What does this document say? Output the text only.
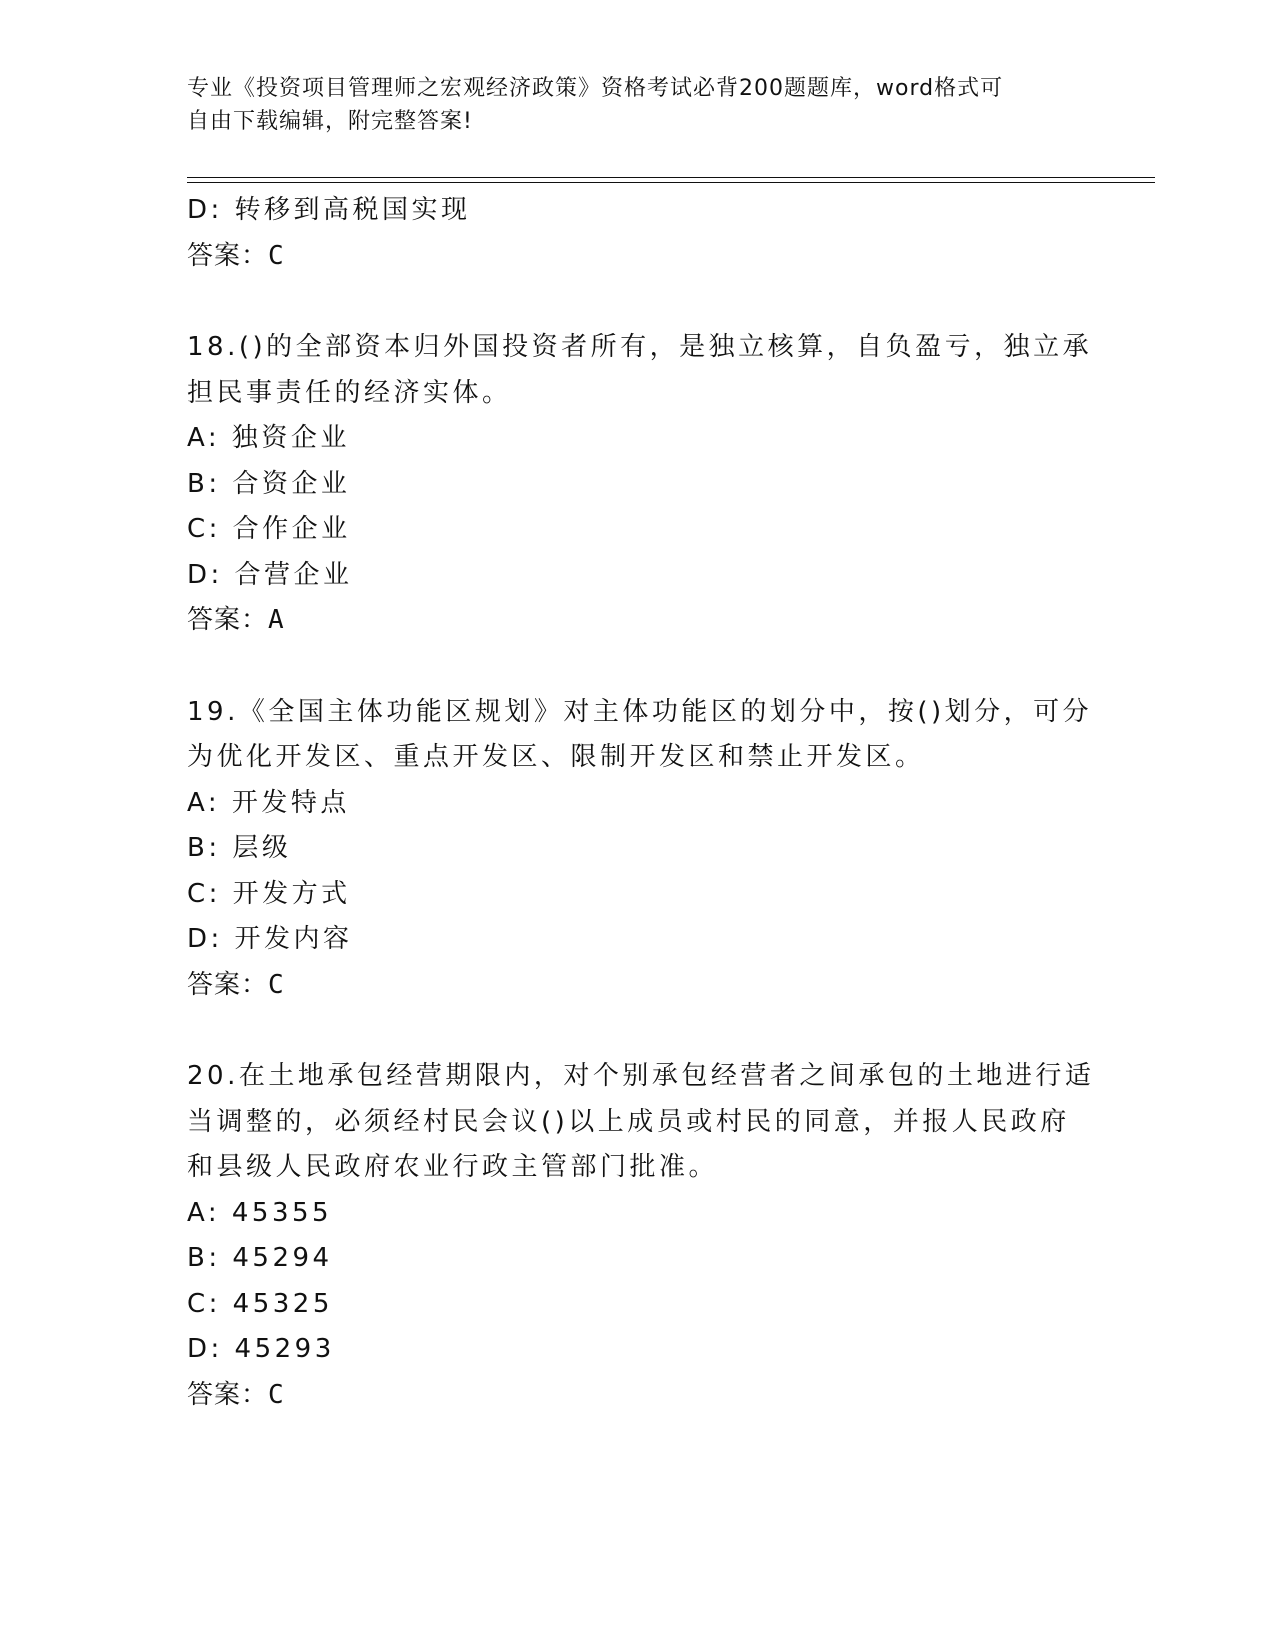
专业《投资项目管理师之宏观经济政策》资格考试必背200题题库，word格式可
自由下载编辑，附完整答案!
D: 转移到高税国实现
答案：C
18.()的全部资本归外国投资者所有，是独立核算，自负盈亏，独立承
担民事责任的经济实体。
A: 独资企业
B: 合资企业
C: 合作企业
D: 合营企业
答案：A
19.《全国主体功能区规划》对主体功能区的划分中，按()划分，可分
为优化开发区、重点开发区、限制开发区和禁止开发区。
A: 开发特点
B: 层级
C: 开发方式
D: 开发内容
答案：C
20.在土地承包经营期限内，对个别承包经营者之间承包的土地进行适
当调整的，必须经村民会议()以上成员或村民的同意，并报人民政府
和县级人民政府农业行政主管部门批准。
A: 45355
B: 45294
C: 45325
D: 45293
答案：C
